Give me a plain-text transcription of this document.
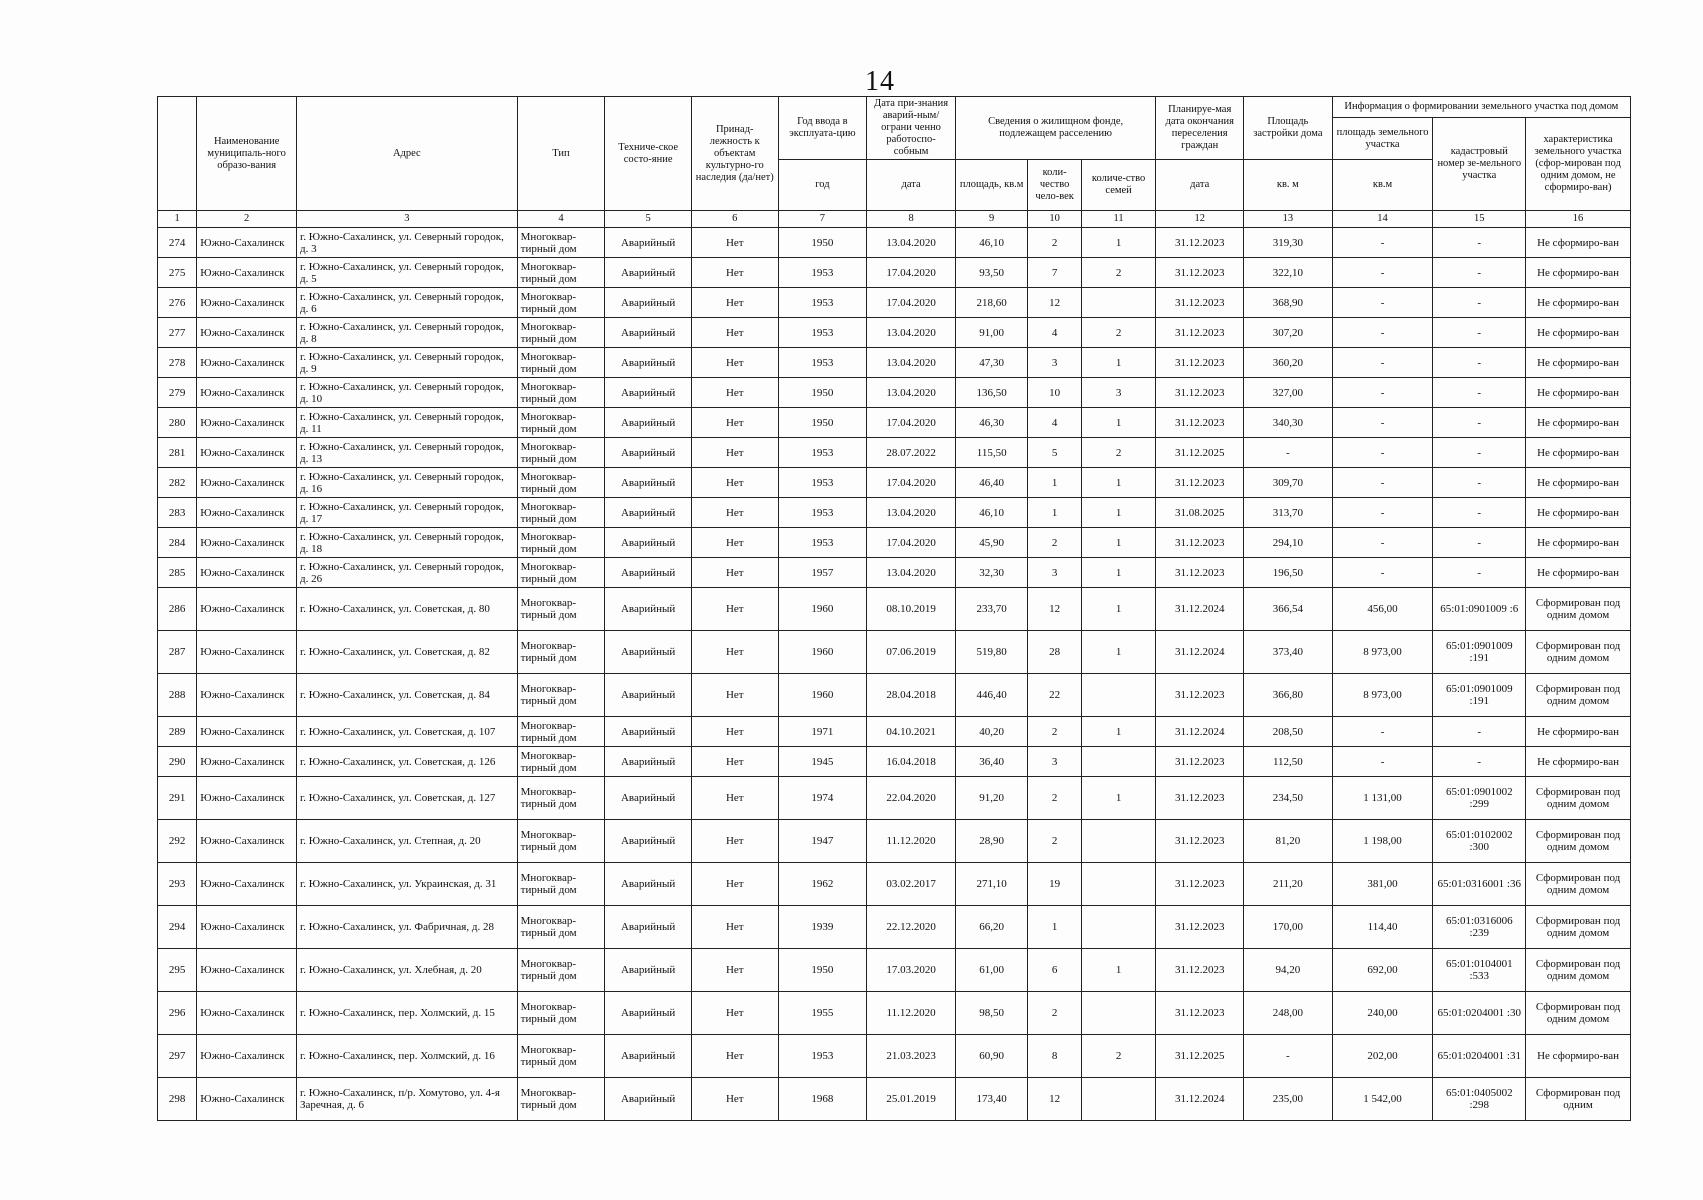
14
	Наименование муниципаль-ного образо-вания	Адрес	Тип	Техниче-ское состо-яние	Принад-лежность к объектам культурно-го наследия (да/нет)	Год ввода в эксплуата-цию	Дата при-знания аварий-ным/ограни ченно работоспо-собным	Сведения о жилищном фонде, подлежащем расселению			Планируе-мая дата окончания переселения граждан	Площадь застройки дома	Информация о формировании земельного участка под домом		
													площадь земельного участка	кадастровый номер зе-мельного участка	характеристика земельного участка (сфор-мирован под одним домом, не сформиро-ван)
						год	дата	площадь, кв.м	коли-чество чело-век	количе-ство семей	дата	кв. м	кв.м		
1	2	3	4	5	6	7	8	9	10	11	12	13	14	15	16
274	Южно-Сахалинск	г. Южно-Сахалинск, ул. Северный городок, д. 3	Многоквар-тирный дом	Аварийный	Нет	1950	13.04.2020	46,10	2	1	31.12.2023	319,30	-	-	Не сформиро-ван
275	Южно-Сахалинск	г. Южно-Сахалинск, ул. Северный городок, д. 5	Многоквар-тирный дом	Аварийный	Нет	1953	17.04.2020	93,50	7	2	31.12.2023	322,10	-	-	Не сформиро-ван
276	Южно-Сахалинск	г. Южно-Сахалинск, ул. Северный городок, д. 6	Многоквар-тирный дом	Аварийный	Нет	1953	17.04.2020	218,60	12		31.12.2023	368,90	-	-	Не сформиро-ван
277	Южно-Сахалинск	г. Южно-Сахалинск, ул. Северный городок, д. 8	Многоквар-тирный дом	Аварийный	Нет	1953	13.04.2020	91,00	4	2	31.12.2023	307,20	-	-	Не сформиро-ван
278	Южно-Сахалинск	г. Южно-Сахалинск, ул. Северный городок, д. 9	Многоквар-тирный дом	Аварийный	Нет	1953	13.04.2020	47,30	3	1	31.12.2023	360,20	-	-	Не сформиро-ван
279	Южно-Сахалинск	г. Южно-Сахалинск, ул. Северный городок, д. 10	Многоквар-тирный дом	Аварийный	Нет	1950	13.04.2020	136,50	10	3	31.12.2023	327,00	-	-	Не сформиро-ван
280	Южно-Сахалинск	г. Южно-Сахалинск, ул. Северный городок, д. 11	Многоквар-тирный дом	Аварийный	Нет	1950	17.04.2020	46,30	4	1	31.12.2023	340,30	-	-	Не сформиро-ван
281	Южно-Сахалинск	г. Южно-Сахалинск, ул. Северный городок, д. 13	Многоквар-тирный дом	Аварийный	Нет	1953	28.07.2022	115,50	5	2	31.12.2025	-	-	-	Не сформиро-ван
282	Южно-Сахалинск	г. Южно-Сахалинск, ул. Северный городок, д. 16	Многоквар-тирный дом	Аварийный	Нет	1953	17.04.2020	46,40	1	1	31.12.2023	309,70	-	-	Не сформиро-ван
283	Южно-Сахалинск	г. Южно-Сахалинск, ул. Северный городок, д. 17	Многоквар-тирный дом	Аварийный	Нет	1953	13.04.2020	46,10	1	1	31.08.2025	313,70	-	-	Не сформиро-ван
284	Южно-Сахалинск	г. Южно-Сахалинск, ул. Северный городок, д. 18	Многоквар-тирный дом	Аварийный	Нет	1953	17.04.2020	45,90	2	1	31.12.2023	294,10	-	-	Не сформиро-ван
285	Южно-Сахалинск	г. Южно-Сахалинск, ул. Северный городок, д. 26	Многоквар-тирный дом	Аварийный	Нет	1957	13.04.2020	32,30	3	1	31.12.2023	196,50	-	-	Не сформиро-ван
286	Южно-Сахалинск	г. Южно-Сахалинск, ул. Советская, д. 80	Многоквар-тирный дом	Аварийный	Нет	1960	08.10.2019	233,70	12	1	31.12.2024	366,54	456,00	65:01:0901009 :6	Сформирован под одним домом
287	Южно-Сахалинск	г. Южно-Сахалинск, ул. Советская, д. 82	Многоквар-тирный дом	Аварийный	Нет	1960	07.06.2019	519,80	28	1	31.12.2024	373,40	8 973,00	65:01:0901009 :191	Сформирован под одним домом
288	Южно-Сахалинск	г. Южно-Сахалинск, ул. Советская, д. 84	Многоквар-тирный дом	Аварийный	Нет	1960	28.04.2018	446,40	22		31.12.2023	366,80	8 973,00	65:01:0901009 :191	Сформирован под одним домом
289	Южно-Сахалинск	г. Южно-Сахалинск, ул. Советская, д. 107	Многоквар-тирный дом	Аварийный	Нет	1971	04.10.2021	40,20	2	1	31.12.2024	208,50	-	-	Не сформиро-ван
290	Южно-Сахалинск	г. Южно-Сахалинск, ул. Советская, д. 126	Многоквар-тирный дом	Аварийный	Нет	1945	16.04.2018	36,40	3		31.12.2023	112,50	-	-	Не сформиро-ван
291	Южно-Сахалинск	г. Южно-Сахалинск, ул. Советская, д. 127	Многоквар-тирный дом	Аварийный	Нет	1974	22.04.2020	91,20	2	1	31.12.2023	234,50	1 131,00	65:01:0901002 :299	Сформирован под одним домом
292	Южно-Сахалинск	г. Южно-Сахалинск, ул. Степная, д. 20	Многоквар-тирный дом	Аварийный	Нет	1947	11.12.2020	28,90	2		31.12.2023	81,20	1 198,00	65:01:0102002 :300	Сформирован под одним домом
293	Южно-Сахалинск	г. Южно-Сахалинск, ул. Украинская, д. 31	Многоквар-тирный дом	Аварийный	Нет	1962	03.02.2017	271,10	19		31.12.2023	211,20	381,00	65:01:0316001 :36	Сформирован под одним домом
294	Южно-Сахалинск	г. Южно-Сахалинск, ул. Фабричная, д. 28	Многоквар-тирный дом	Аварийный	Нет	1939	22.12.2020	66,20	1		31.12.2023	170,00	114,40	65:01:0316006 :239	Сформирован под одним домом
295	Южно-Сахалинск	г. Южно-Сахалинск, ул. Хлебная, д. 20	Многоквар-тирный дом	Аварийный	Нет	1950	17.03.2020	61,00	6	1	31.12.2023	94,20	692,00	65:01:0104001 :533	Сформирован под одним домом
296	Южно-Сахалинск	г. Южно-Сахалинск, пер. Холмский, д. 15	Многоквар-тирный дом	Аварийный	Нет	1955	11.12.2020	98,50	2		31.12.2023	248,00	240,00	65:01:0204001 :30	Сформирован под одним домом
297	Южно-Сахалинск	г. Южно-Сахалинск, пер. Холмский, д. 16	Многоквар-тирный дом	Аварийный	Нет	1953	21.03.2023	60,90	8	2	31.12.2025	-	202,00	65:01:0204001 :31	Не сформиро-ван
298	Южно-Сахалинск	г. Южно-Сахалинск, п/р. Хомутово, ул. 4-я Заречная, д. 6	Многоквар-тирный дом	Аварийный	Нет	1968	25.01.2019	173,40	12		31.12.2024	235,00	1 542,00	65:01:0405002 :298	Сформирован под одним
